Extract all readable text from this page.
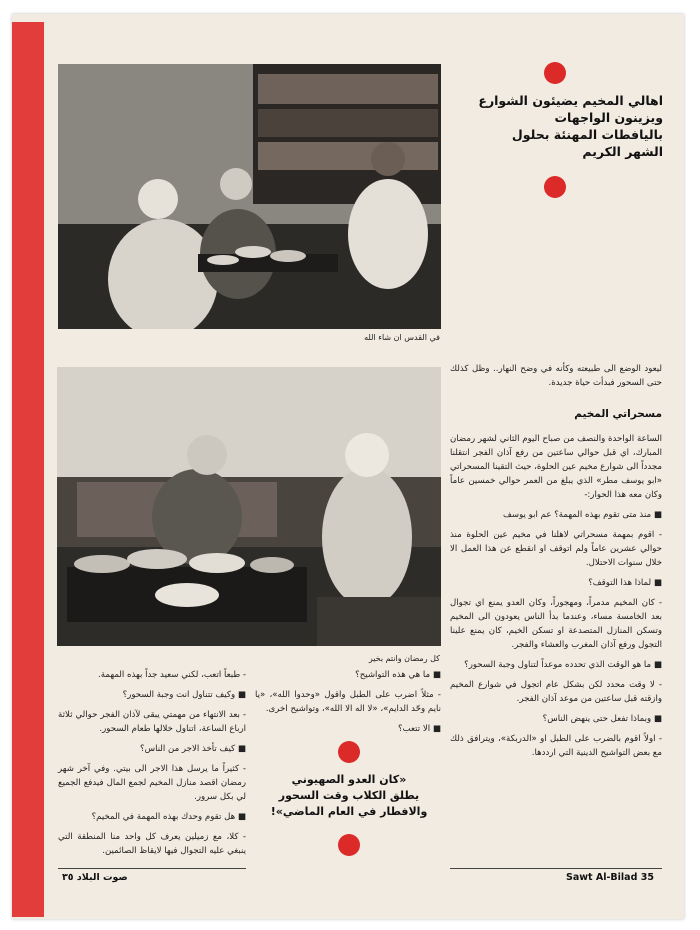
في القدس ان شاء الله

اهالي المخيم يضيئون الشوارع

ويزينون الواجهات

باليافطات المهنئة بحلول

الشهر الكريم

كل رمضان وانتم بخير

ليعود الوضع الى طبيعته وكأنه في وضح النهار.. وظل كذلك حتى السحور فبدأت حياة جديدة.

مسحراتي المخيم

الساعة الواحدة والنصف من صباح اليوم الثاني لشهر رمضان المبارك، اي قبل حوالي ساعتين من رفع آذان الفجر انتقلنا مجدداً الى شوارع مخيم عين الحلوة، حيث التقينا المسحراتي «ابو يوسف مطر» الذي يبلغ من العمر حوالي خمسين عاماً وكان معه هذا الحوار:-

■ منذ متى تقوم بهذه المهمة؟ عم ابو يوسف

- اقوم بمهمة مسحراتي لاهلنا في مخيم عين الحلوة منذ حوالي عشرين عاماً ولم اتوقف او انقطع عن هذا العمل الا خلال سنوات الاحتلال.

■ لماذا هذا التوقف؟

- كان المخيم مدمراً، ومهجوراً، وكان العدو يمنع اي تجوال بعد الخامسة مساء، وعندما بدأ الناس يعودون الى المخيم وتسكن المنازل المتصدعة او تسكن الخيم، كان يمنع علينا التجول ورفع آذان المغرب والعشاء والفجر.

■ ما هو الوقت الذي تحدده موعداً لتناول وجبة السحور؟

- لا وقت محدد لكن بشكل عام اتجول في شوارع المخيم وازقته قبل ساعتين من موعد آذان الفجر.

■ وبماذا تفعل حتى ينهض الناس؟

- اولاً اقوم بالضرب على الطبل او «الدربكة»، ويترافق ذلك مع بعض التواشيح الدينية التي ارددها.

■ ما هي هذه التواشيح؟

- مثلاً اضرب على الطبل واقول «وحدوا الله»، «يا نايم وحّد الدايم»، «لا اله الا الله»، وتواشيح اخرى.

■ الا تتعب؟

«كان العدو الصهيوني

يطلق الكلاب وقت السحور

والافطار في العام الماضي»!

- طبعاً اتعب، لكني سعيد جداً بهذه المهمة.

■ وكيف تتناول انت وجبة السحور؟

- بعد الانتهاء من مهمتي يبقى لآذان الفجر حوالي ثلاثة ارباع الساعة، اتناول خلالها طعام السحور.

■ كيف تأخذ الاجر من الناس؟

- كثيراً ما يرسل هذا الاجر الى بيتي. وفي آخر شهر رمضان اقصد منازل المخيم لجمع المال فيدفع الجميع لي بكل سرور.

■ هل تقوم وحدك بهذه المهمة في المخيم؟

- كلا، مع زميلين يعرف كل واحد منا المنطقة التي ينبغي عليه التجوال فيها لايقاظ الصائمين.

صوت البلاد ٣٥	Sawt Al-Bilad 35
